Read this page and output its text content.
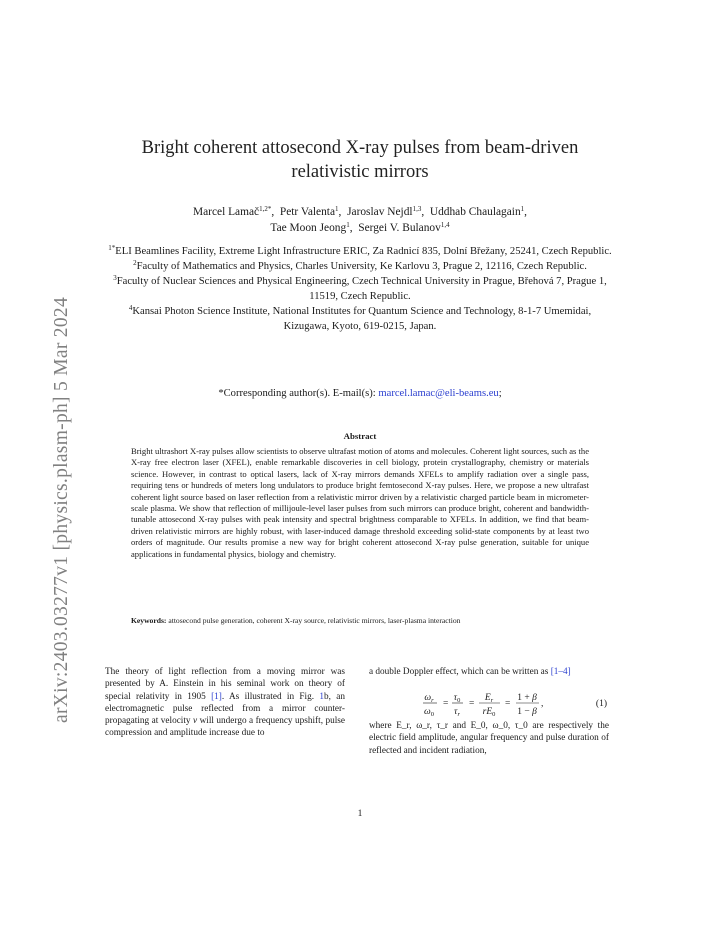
arXiv:2403.03277v1 [physics.plasm-ph] 5 Mar 2024
Bright coherent attosecond X-ray pulses from beam-driven relativistic mirrors
Marcel Lamač$^{1,2*}$,  Petr Valenta$^1$,  Jaroslav Nejdl$^{1,3}$,  Uddhab Chaulagain$^1$,
Tae Moon Jeong$^1$,  Sergei V. Bulanov$^{1,4}$

$^{1*}$ELI Beamlines Facility, Extreme Light Infrastructure ERIC, Za Radnicí 835, Dolní Břežany, 25241, Czech Republic.

$^2$Faculty of Mathematics and Physics, Charles University, Ke Karlovu 3, Prague 2, 12116, Czech Republic.

$^3$Faculty of Nuclear Sciences and Physical Engineering, Czech Technical University in Prague, Břehová 7, Prague 1, 11519, Czech Republic.

$^4$Kansai Photon Science Institute, National Institutes for Quantum Science and Technology, 8-1-7 Umemidai, Kizugawa, Kyoto, 619-0215, Japan.

*Corresponding author(s). E-mail(s): marcel.lamac@eli-beams.eu;
Abstract

Bright ultrashort X-ray pulses allow scientists to observe ultrafast motion of atoms and molecules. Coherent light sources, such as the X-ray free electron laser (XFEL), enable remarkable discoveries in cell biology, protein crystallography, chemistry or materials science. However, in contrast to optical lasers, lack of X-ray mirrors demands XFELs to amplify radiation over a single pass, requiring tens or hundreds of meters long undulators to produce bright femtosecond X-ray pulses. Here, we propose a new ultrafast coherent light source based on laser reflection from a relativistic mirror driven by a relativistic charged particle beam in micrometer-scale plasma. We show that reflection of millijoule-level laser pulses from such mirrors can produce bright, coherent and bandwidth-tunable attosecond X-ray pulses with peak intensity and spectral brightness comparable to XFELs. In addition, we find that beam-driven relativistic mirrors are highly robust, with laser-induced damage threshold exceeding solid-state components by at least two orders of magnitude. Our results promise a new way for bright coherent attosecond X-ray pulse generation, suitable for unique applications in fundamental physics, biology and chemistry.

Keywords: attosecond pulse generation, coherent X-ray source, relativistic mirrors, laser-plasma interaction

The theory of light reflection from a moving mirror was presented by A. Einstein in his seminal work on theory of special relativity in 1905 [1]. As illustrated in Fig. 1b, an electromagnetic pulse reflected from a mirror counter-propagating at velocity v will undergo a frequency upshift, pulse compression and amplitude increase due to

a double Doppler effect, which can be written as [1–4]

$\omega_r$
$\omega_0$
=
$\tau_0$
$\tau_r$
=
$E_r$
$rE_0$
=
1 + β
1 − β
,	(1)

where E_r, ω_r, τ_r and E_0, ω_0, τ_0 are respectively the electric field amplitude, angular frequency and pulse duration of reflected and incident radiation,

1
